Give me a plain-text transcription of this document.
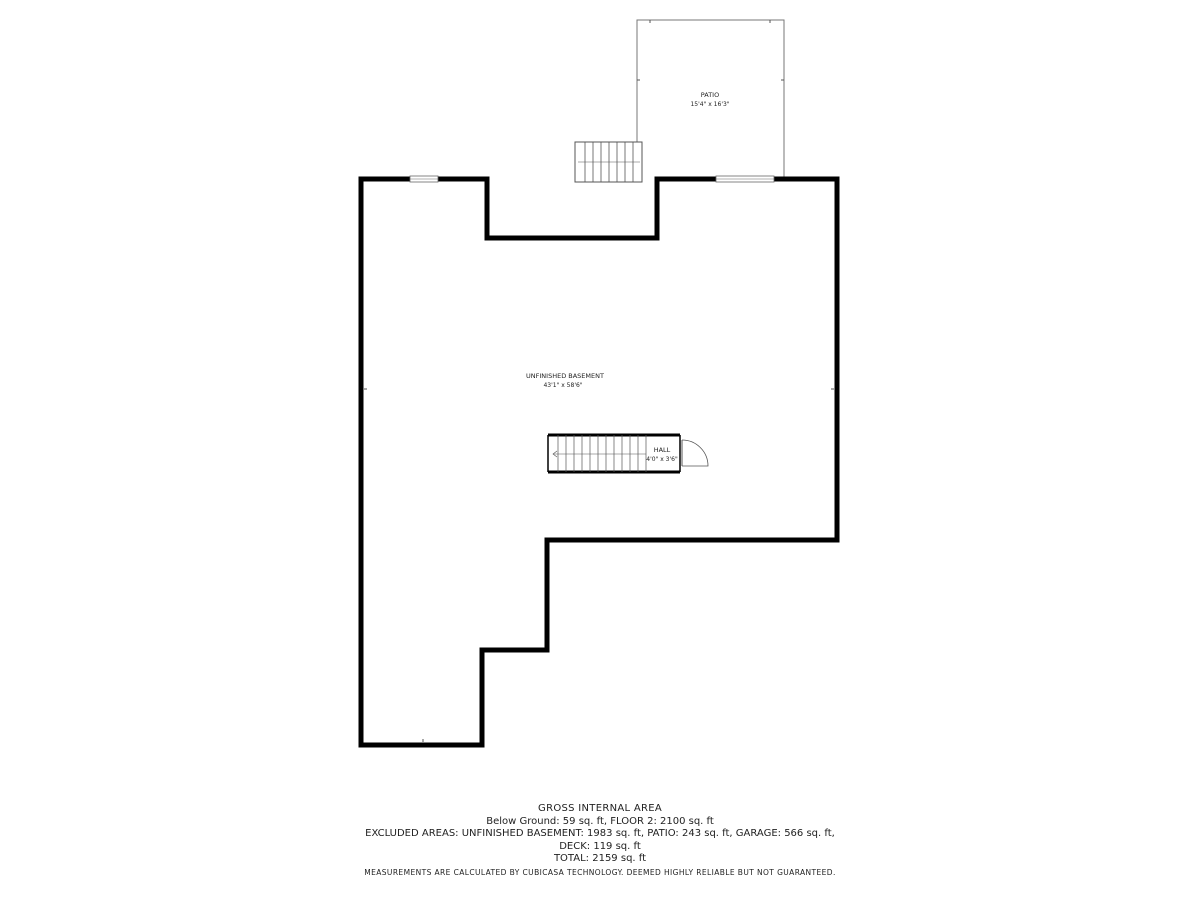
PATIO
15'4" x 16'3"
UNFINISHED BASEMENT
43'1" x 58'6"
HALL
4'0" x 3'6"
GROSS INTERNAL AREA
Below Ground: 59 sq. ft, FLOOR 2: 2100 sq. ft
EXCLUDED AREAS: UNFINISHED BASEMENT: 1983 sq. ft, PATIO: 243 sq. ft, GARAGE: 566 sq. ft,
DECK: 119 sq. ft
TOTAL: 2159 sq. ft
MEASUREMENTS ARE CALCULATED BY CUBICASA TECHNOLOGY. DEEMED HIGHLY RELIABLE BUT NOT GUARANTEED.
